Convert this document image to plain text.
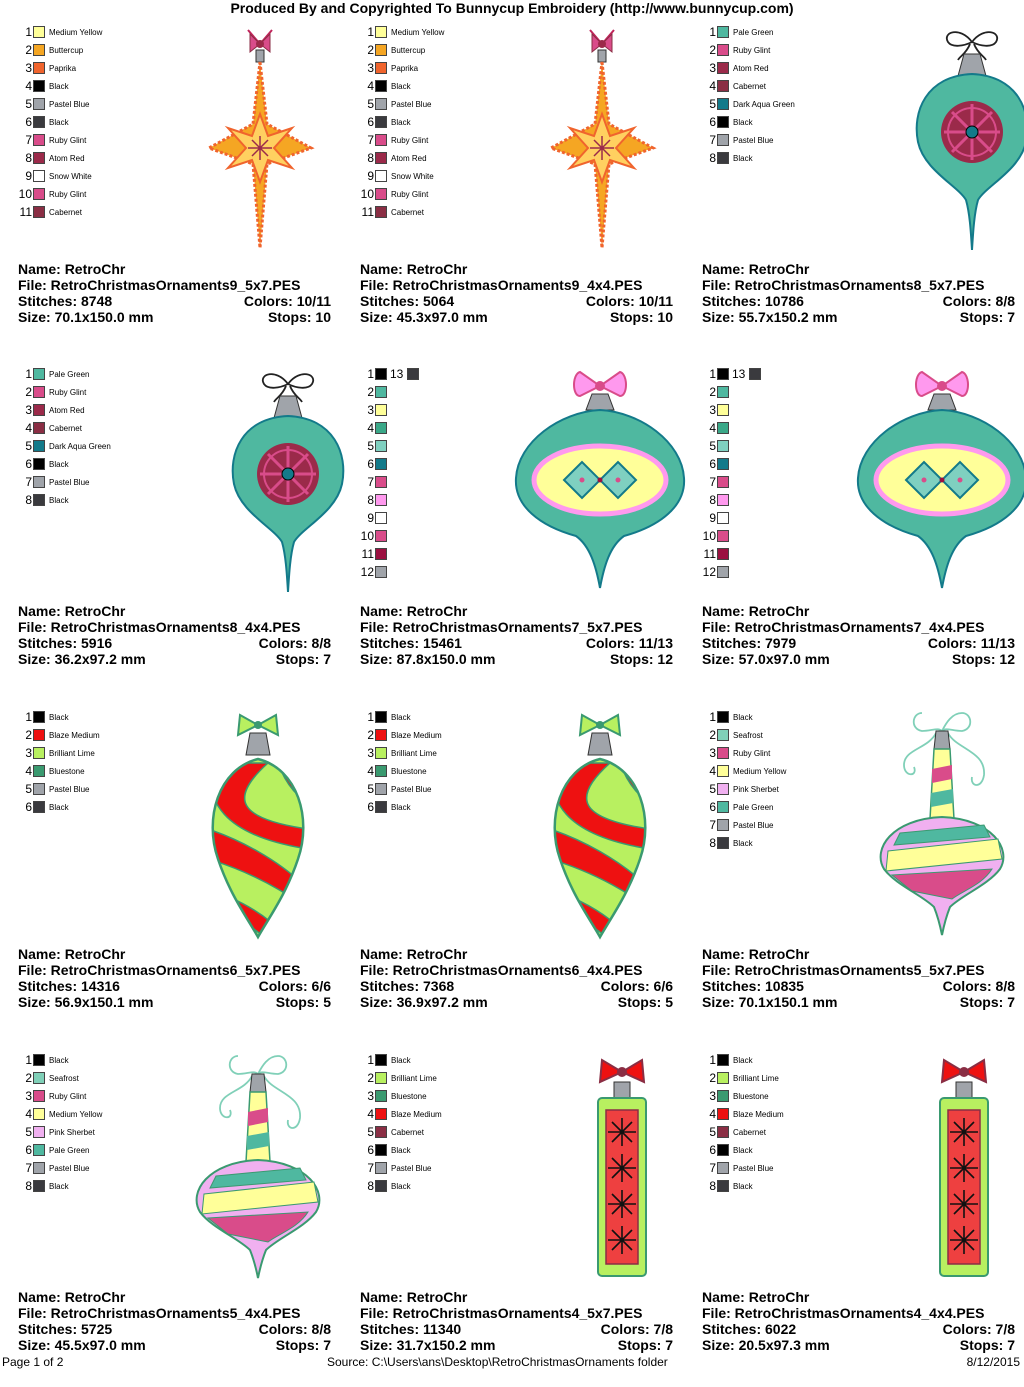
Produced By and Copyrighted To Bunnycup Embroidery (http://www.bunnycup.com)
1 Medium Yellow
2 Buttercup
3 Paprika
4 Black
5 Pastel Blue
6 Black
7 Ruby Glint
8 Atom Red
9 Snow White
10 Ruby Glint
11 Cabernet
Name: RetroChr
File: RetroChristmasOrnaments9_5x7.PES
Stitches: 8748	Colors: 10/11
Size: 70.1x150.0 mm	Stops: 10
1 Medium Yellow
2 Buttercup
3 Paprika
4 Black
5 Pastel Blue
6 Black
7 Ruby Glint
8 Atom Red
9 Snow White
10 Ruby Glint
11 Cabernet
Name: RetroChr
File: RetroChristmasOrnaments9_4x4.PES
Stitches: 5064	Colors: 10/11
Size: 45.3x97.0 mm	Stops: 10
1 Pale Green
2 Ruby Glint
3 Atom Red
4 Cabernet
5 Dark Aqua Green
6 Black
7 Pastel Blue
8 Black
Name: RetroChr
File: RetroChristmasOrnaments8_5x7.PES
Stitches: 10786	Colors: 8/8
Size: 55.7x150.2 mm	Stops: 7
1 Pale Green
2 Ruby Glint
3 Atom Red
4 Cabernet
5 Dark Aqua Green
6 Black
7 Pastel Blue
8 Black
Name: RetroChr
File: RetroChristmasOrnaments8_4x4.PES
Stitches: 5916	Colors: 8/8
Size: 36.2x97.2 mm	Stops: 7
1 13
2
3
4
5
6
7
8
9
10
11
12
Name: RetroChr
File: RetroChristmasOrnaments7_5x7.PES
Stitches: 15461	Colors: 11/13
Size: 87.8x150.0 mm	Stops: 12
1 13
2
3
4
5
6
7
8
9
10
11
12
Name: RetroChr
File: RetroChristmasOrnaments7_4x4.PES
Stitches: 7979	Colors: 11/13
Size: 57.0x97.0 mm	Stops: 12
1 Black
2 Blaze Medium
3 Brilliant Lime
4 Bluestone
5 Pastel Blue
6 Black
Name: RetroChr
File: RetroChristmasOrnaments6_5x7.PES
Stitches: 14316	Colors: 6/6
Size: 56.9x150.1 mm	Stops: 5
1 Black
2 Blaze Medium
3 Brilliant Lime
4 Bluestone
5 Pastel Blue
6 Black
Name: RetroChr
File: RetroChristmasOrnaments6_4x4.PES
Stitches: 7368	Colors: 6/6
Size: 36.9x97.2 mm	Stops: 5
1 Black
2 Seafrost
3 Ruby Glint
4 Medium Yellow
5 Pink Sherbet
6 Pale Green
7 Pastel Blue
8 Black
Name: RetroChr
File: RetroChristmasOrnaments5_5x7.PES
Stitches: 10835	Colors: 8/8
Size: 70.1x150.1 mm	Stops: 7
1 Black
2 Seafrost
3 Ruby Glint
4 Medium Yellow
5 Pink Sherbet
6 Pale Green
7 Pastel Blue
8 Black
Name: RetroChr
File: RetroChristmasOrnaments5_4x4.PES
Stitches: 5725	Colors: 8/8
Size: 45.5x97.0 mm	Stops: 7
1 Black
2 Brilliant Lime
3 Bluestone
4 Blaze Medium
5 Cabernet
6 Black
7 Pastel Blue
8 Black
Name: RetroChr
File: RetroChristmasOrnaments4_5x7.PES
Stitches: 11340	Colors: 7/8
Size: 31.7x150.2 mm	Stops: 7
1 Black
2 Brilliant Lime
3 Bluestone
4 Blaze Medium
5 Cabernet
6 Black
7 Pastel Blue
8 Black
Name: RetroChr
File: RetroChristmasOrnaments4_4x4.PES
Stitches: 6022	Colors: 7/8
Size: 20.5x97.3 mm	Stops: 7
Page 1 of 2	Source: C:\Users\ans\Desktop\RetroChristmasOrnaments folder	8/12/2015
